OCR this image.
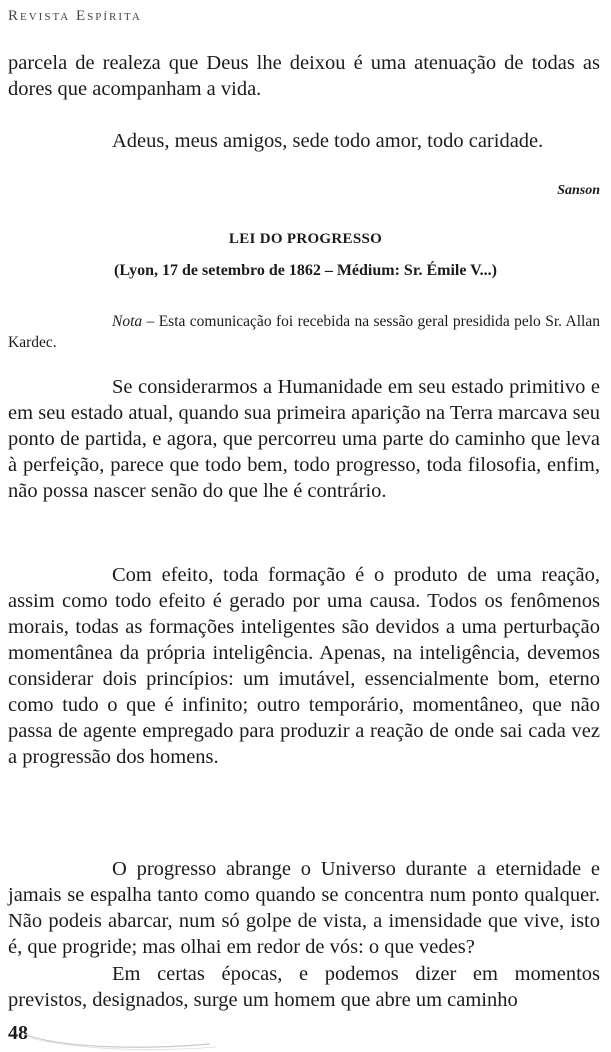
Revista Espírita
parcela de realeza que Deus lhe deixou é uma atenuação de todas as dores que acompanham a vida.
Adeus, meus amigos, sede todo amor, todo caridade.
Sanson
LEI DO PROGRESSO
(Lyon, 17 de setembro de 1862 – Médium: Sr. Émile V...)
Nota – Esta comunicação foi recebida na sessão geral presidida pelo Sr. Allan Kardec.
Se considerarmos a Humanidade em seu estado primitivo e em seu estado atual, quando sua primeira aparição na Terra marcava seu ponto de partida, e agora, que percorreu uma parte do caminho que leva à perfeição, parece que todo bem, todo progresso, toda filosofia, enfim, não possa nascer senão do que lhe é contrário.
Com efeito, toda formação é o produto de uma reação, assim como todo efeito é gerado por uma causa. Todos os fenômenos morais, todas as formações inteligentes são devidos a uma perturbação momentânea da própria inteligência. Apenas, na inteligência, devemos considerar dois princípios: um imutável, essencialmente bom, eterno como tudo o que é infinito; outro temporário, momentâneo, que não passa de agente empregado para produzir a reação de onde sai cada vez a progressão dos homens.
O progresso abrange o Universo durante a eternidade e jamais se espalha tanto como quando se concentra num ponto qualquer. Não podeis abarcar, num só golpe de vista, a imensidade que vive, isto é, que progride; mas olhai em redor de vós: o que vedes?
Em certas épocas, e podemos dizer em momentos previstos, designados, surge um homem que abre um caminho
48
